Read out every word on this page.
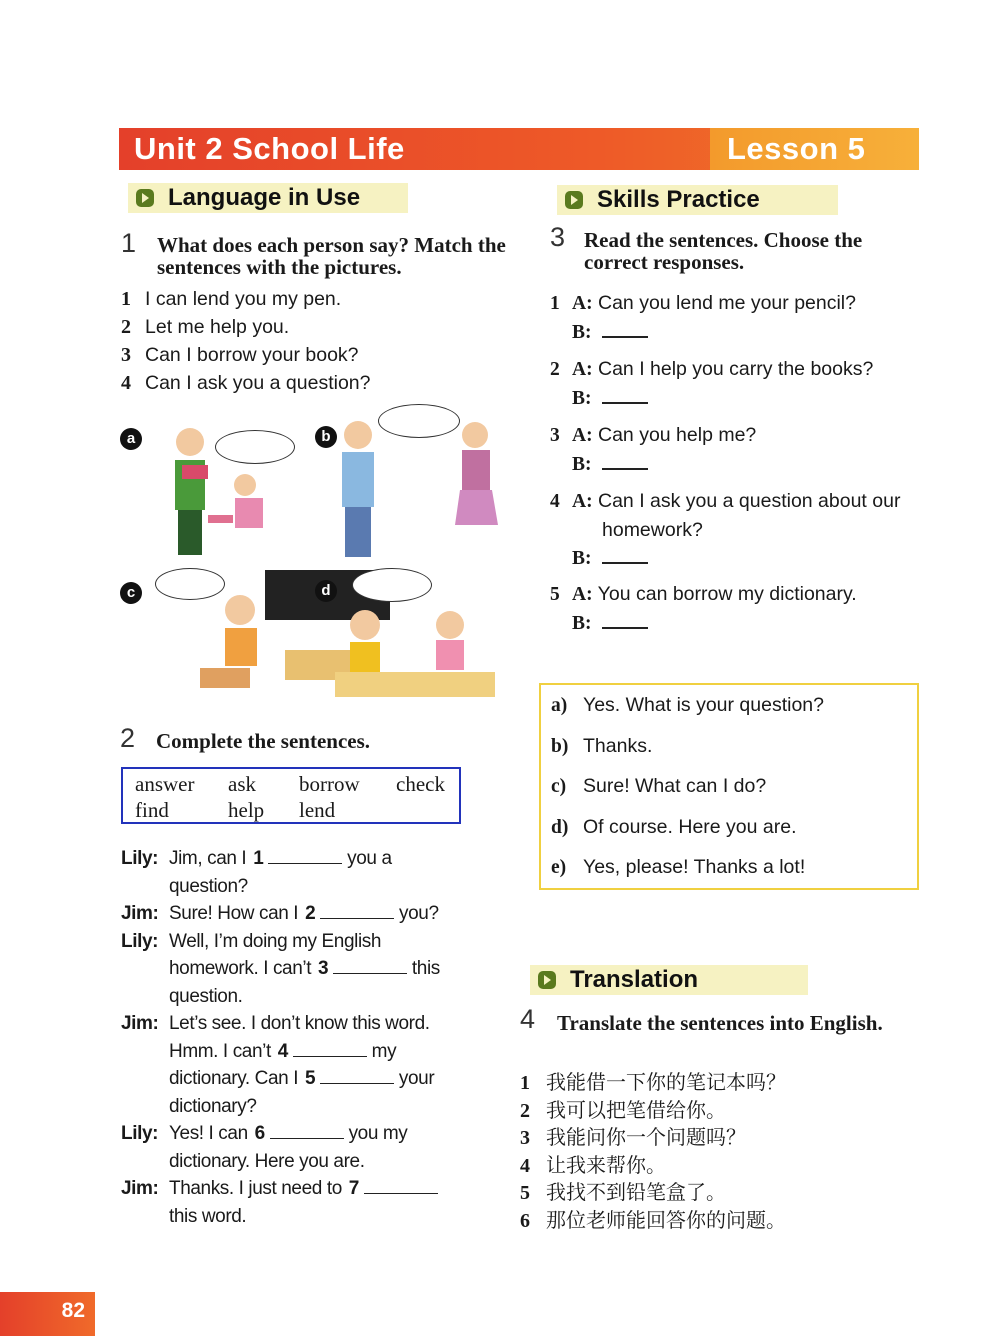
Unit 2 School Life	Lesson 5
Language in Use	Skills Practice
Translation
1 What does each person say? Match the sentences with the pictures.
1 I can lend you my pen.
2 Let me help you.
3 Can I borrow your book?
4 Can I ask you a question?
a	b
c	d
2 Complete the sentences.
answer ask borrow check
find	help lend
Lily: Jim, can I 1	you a
question?
Jim: Sure! How can I 2	you?
Lily: Well, I’m doing my English
homework. I can’t 3	this
question.
Jim: Let’s see. I don’t know this word.
Hmm. I can’t 4	my
dictionary. Can I 5	your
dictionary?
Lily: Yes! I can 6	you my
dictionary. Here you are.
Jim: Thanks. I just need to 7
this word.
3 Read the sentences. Choose the correct responses.
1 A: Can you lend me your pencil?
B:
2 A: Can I help you carry the books?
B:
3 A: Can you help me?
B:
4 A: Can I ask you a question about our
homework?
B:
5 A: You can borrow my dictionary.
B:
a) Yes. What is your question?
b) Thanks.
c) Sure! What can I do?
d) Of course. Here you are.
e) Yes, please! Thanks a lot!
4 Translate the sentences into English.
1 我能借一下你的笔记本吗？
2 我可以把笔借给你。
3 我能问你一个问题吗？
4 让我来帮你。
5 我找不到铅笔盒了。
6 那位老师能回答你的问题。
82
